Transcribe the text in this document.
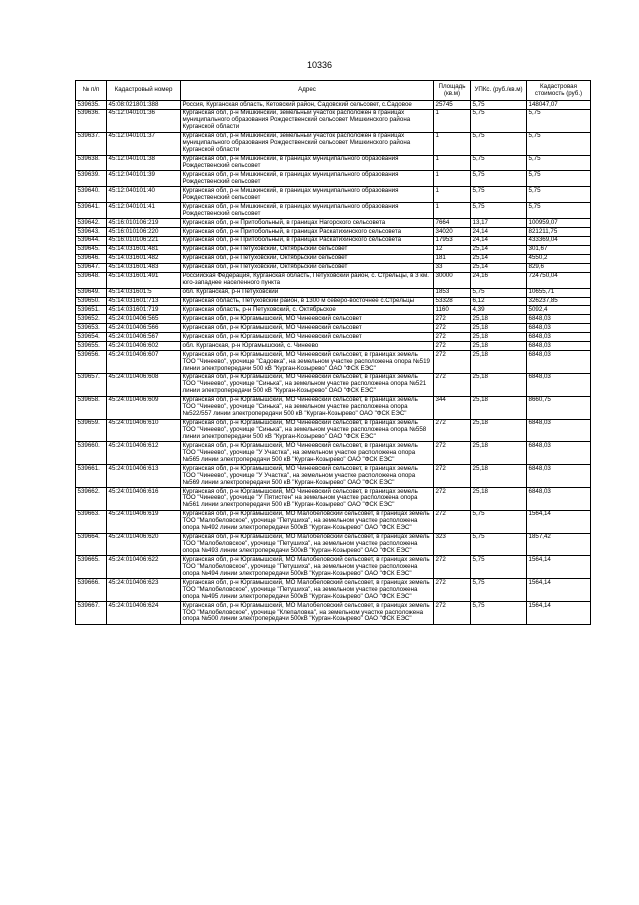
10336
№ п/п	Кадастровый номер	Адрес	Площадь (кв.м)	УПКс. (руб./кв.м)	Кадастровая стоимость (руб.)
539635.	45:08:021801:388	Россия, Курганская область, Кетовский район, Садовский сельсовет, с.Садовое	25745	5,75	148047,07
539636.	45:12:040101:36	Курганская обл, р-н Мишкинский, земельный участок расположен в границах муниципального образования Рождественский сельсовет Мишкинского района Курганской области	1	5,75	5,75
539637.	45:12:040101:37	Курганская обл, р-н Мишкинский, земельный участок расположен в границах муниципального образования Рождественский сельсовет Мишкинского района Курганской области	1	5,75	5,75
539638.	45:12:040101:38	Курганская обл, р-н Мишкинский, в границах муниципального образования Рождественский сельсовет	1	5,75	5,75
539639.	45:12:040101:39	Курганская обл, р-н Мишкинский, в границах муниципального образования Рождественский сельсовет	1	5,75	5,75
539640.	45:12:040101:40	Курганская обл, р-н Мишкинский, в границах муниципального образования Рождественский сельсовет	1	5,75	5,75
539641.	45:12:040101:41	Курганская обл, р-н Мишкинский, в границах муниципального образования Рождественский сельсовет	1	5,75	5,75
539642.	45:16:010106:219	Курганская обл, р-н Притобольный, в границах Нагорского сельсовета	7664	13,17	100959,07
539643.	45:16:010106:220	Курганская обл, р-н Притобольный, в границах Раскатихинского сельсовета	34020	24,14	821211,75
539644.	45:16:010106:221	Курганская обл, р-н Притобольный, в границах Раскатихинского сельсовета	17953	24,14	433369,04
539645.	45:14:031601:481	Курганская обл, р-н Петуховский, Октябрьский сельсовет	12	25,14	301,67
539646.	45:14:031601:482	Курганская обл, р-н Петуховский, Октябрьский сельсовет	181	25,14	4550,2
539647.	45:14:031601:483	Курганская обл, р-н Петуховский, Октябрьский сельсовет	33	25,14	829,6
539648.	45:14:031601:491	Российская Федерация, Курганская область, Петуховский район, с. Стрельцы, в 3 км. юго-западнее населенного пункта	30000	24,16	724750,04
539649.	45:14:031601:5	обл. Курганская, р-н Петуховский	1853	5,75	10655,71
539650.	45:14:031601:713	Курганская область, Петуховский район, в 1300 м северо-восточнее с.Стрельцы	53328	6,12	326237,85
539651.	45:14:031601:719	Курганская область, р-н Петуховский, с. Октябрьское	1160	4,39	5092,4
539652.	45:24:010406:565	Курганская обл, р-н Юргамышский, МО Чинеевский сельсовет	272	25,18	6848,03
539653.	45:24:010406:566	Курганская обл, р-н Юргамышский, МО Чинеевский сельсовет	272	25,18	6848,03
539654.	45:24:010406:567	Курганская обл, р-н Юргамышский, МО Чинеевский сельсовет	272	25,18	6848,03
539655.	45:24:010406:602	обл. Курганская, р-н Юргамышский, с. Чинеево	272	25,18	6848,03
539656.	45:24:010406:607	Курганская обл, р-н Юргамышский, МО Чинеевский сельсовет, в границах земель ТОО "Чинеево", урочище "Садовка", на земельном участке расположена опора №519 линии электропередачи 500 кВ "Курган-Козырево" ОАО "ФСК ЕЭС"	272	25,18	6848,03
539657.	45:24:010406:608	Курганская обл, р-н Юргамышский, МО Чинеевский сельсовет, в границах земель ТОО "Чинеево", урочище "Синька", на земельном участке расположена опора №521 линии электропередачи 500 кВ "Курган-Козырево" ОАО "ФСК ЕЭС"	272	25,18	6848,03
539658.	45:24:010406:609	Курганская обл, р-н Юргамышский, МО Чинеевский сельсовет, в границах земель ТОО "Чинеево", урочище "Синька", на земельном участке расположена опора №522/557 линии электропередачи 500 кВ "Курган-Козырево" ОАО "ФСК ЕЭС"	344	25,18	8660,75
539659.	45:24:010406:610	Курганская обл, р-н Юргамышский, МО Чинеевский сельсовет, в границах земель ТОО "Чинеево", урочище "Синька", на земельном участке расположена опора №558 линии электропередачи 500 кВ "Курган-Козырево" ОАО "ФСК ЕЭС"	272	25,18	6848,03
539660.	45:24:010406:612	Курганская обл, р-н Юргамышский, МО Чинеевский сельсовет, в границах земель ТОО "Чинеево", урочище "У Участка", на земельном участке расположена опора №565 линии электропередачи 500 кВ "Курган-Козырево" ОАО "ФСК ЕЭС"	272	25,18	6848,03
539661.	45:24:010406:613	Курганская обл, р-н Юргамышский, МО Чинеевский сельсовет, в границах земель ТОО "Чинеево", урочище "У Участка", на земельном участке расположена опора №569 линии электропередачи 500 кВ "Курган-Козырево" ОАО "ФСК ЕЭС"	272	25,18	6848,03
539662.	45:24:010406:616	Курганская обл, р-н Юргамышский, МО Чинеевский сельсовет, в границах земель ТОО "Чинеево", урочище "У Пятистен" на земельном участке расположена опора №561 линии электропередачи 500 кВ "Курган-Козырево" ОАО "ФСК ЕЭС"	272	25,18	6848,03
539663.	45:24:010406:619	Курганская обл, р-н Юргамышский, МО Малобеловский сельсовет, в границах земель ТОО "Малобеловское", урочище "Петушиха", на земельном участке расположена опора №492 линии электропередачи 500кВ "Курган-Козырево" ОАО "ФСК ЕЭС"	272	5,75	1564,14
539664.	45:24:010406:620	Курганская обл, р-н Юргамышский, МО Малобеловский сельсовет, в границах земель ТОО "Малобеловское", урочище "Петушиха", на земельном участке расположена опора №493 линии электропередачи 500кВ "Курган-Козырево" ОАО "ФСК ЕЭС"	323	5,75	1857,42
539665.	45:24:010406:622	Курганская обл, р-н Юргамышский, МО Малобеловский сельсовет, в границах земель ТОО "Малобеловское", урочище "Петушиха", на земельном участке расположена опора №494 линии электропередачи 500кВ "Курган-Козырево" ОАО "ФСК ЕЭС"	272	5,75	1564,14
539666.	45:24:010406:623	Курганская обл, р-н Юргамышский, МО Малобеловский сельсовет, в границах земель ТОО "Малобеловское", урочище "Петушиха", на земельном участке расположена опора №495 линии электропередачи 500кВ "Курган-Козырево" ОАО "ФСК ЕЭС"	272	5,75	1564,14
539667.	45:24:010406:624	Курганская обл, р-н Юргамышский, МО Малобеловский сельсовет, в границах земель ТОО "Малобеловское", урочище "Клепаловка", на земельном участке расположена опора №500 линии электропередачи 500кВ "Курган-Козырево" ОАО "ФСК ЕЭС"	272	5,75	1564,14
